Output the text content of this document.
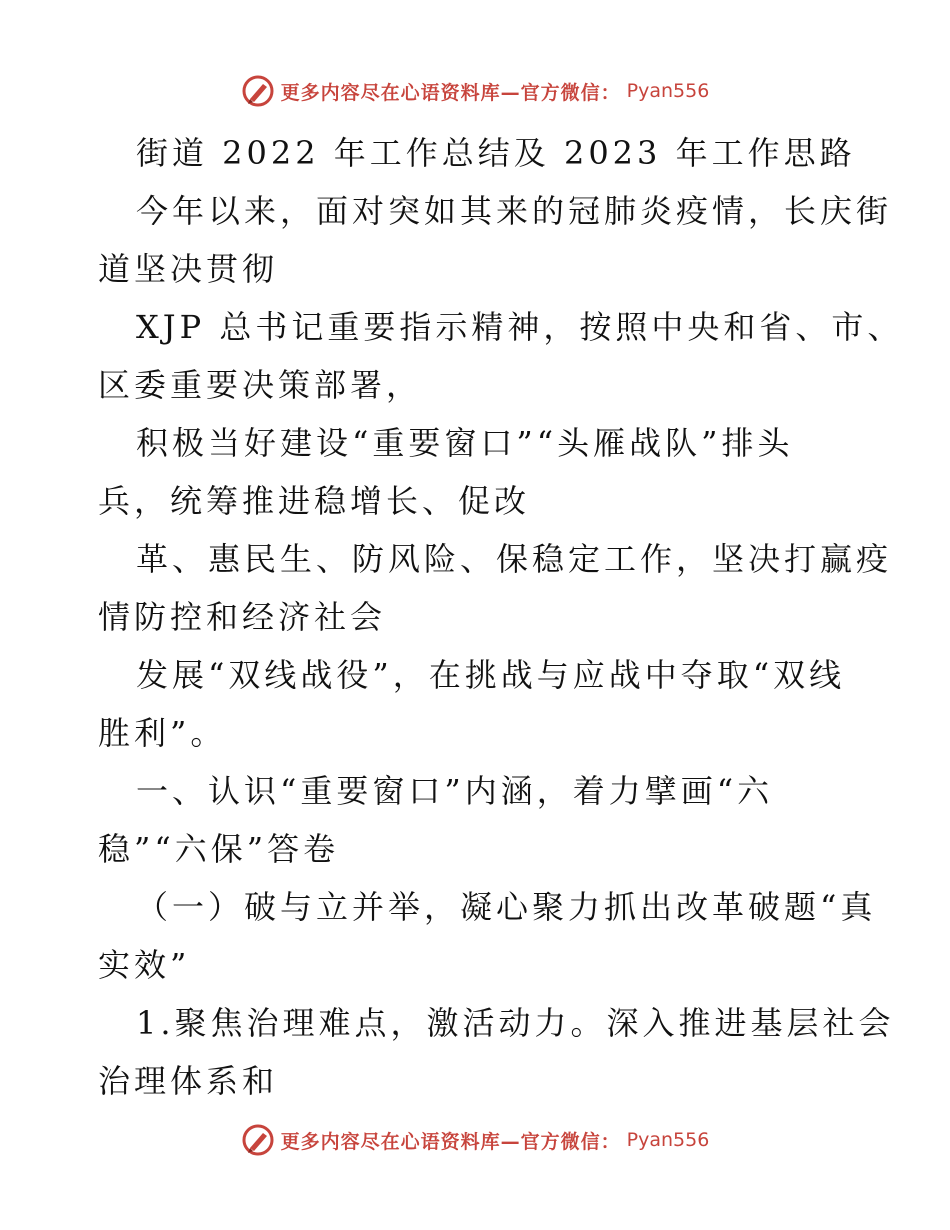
更多内容尽在心语资料库—官方微信： Pyan556
街道 2022 年工作总结及 2023 年工作思路
今年以来，面对突如其来的冠肺炎疫情，长庆街
道坚决贯彻
XJP 总书记重要指示精神，按照中央和省、市、
区委重要决策部署，
积极当好建设“重要窗口”“头雁战队”排头
兵，统筹推进稳增长、促改
革、惠民生、防风险、保稳定工作，坚决打赢疫
情防控和经济社会
发展“双线战役”，在挑战与应战中夺取“双线
胜利”。
一、认识“重要窗口”内涵，着力擘画“六
稳”“六保”答卷
（一）破与立并举，凝心聚力抓出改革破题“真
实效”
1.聚焦治理难点，激活动力。深入推进基层社会
治理体系和
更多内容尽在心语资料库—官方微信： Pyan556
